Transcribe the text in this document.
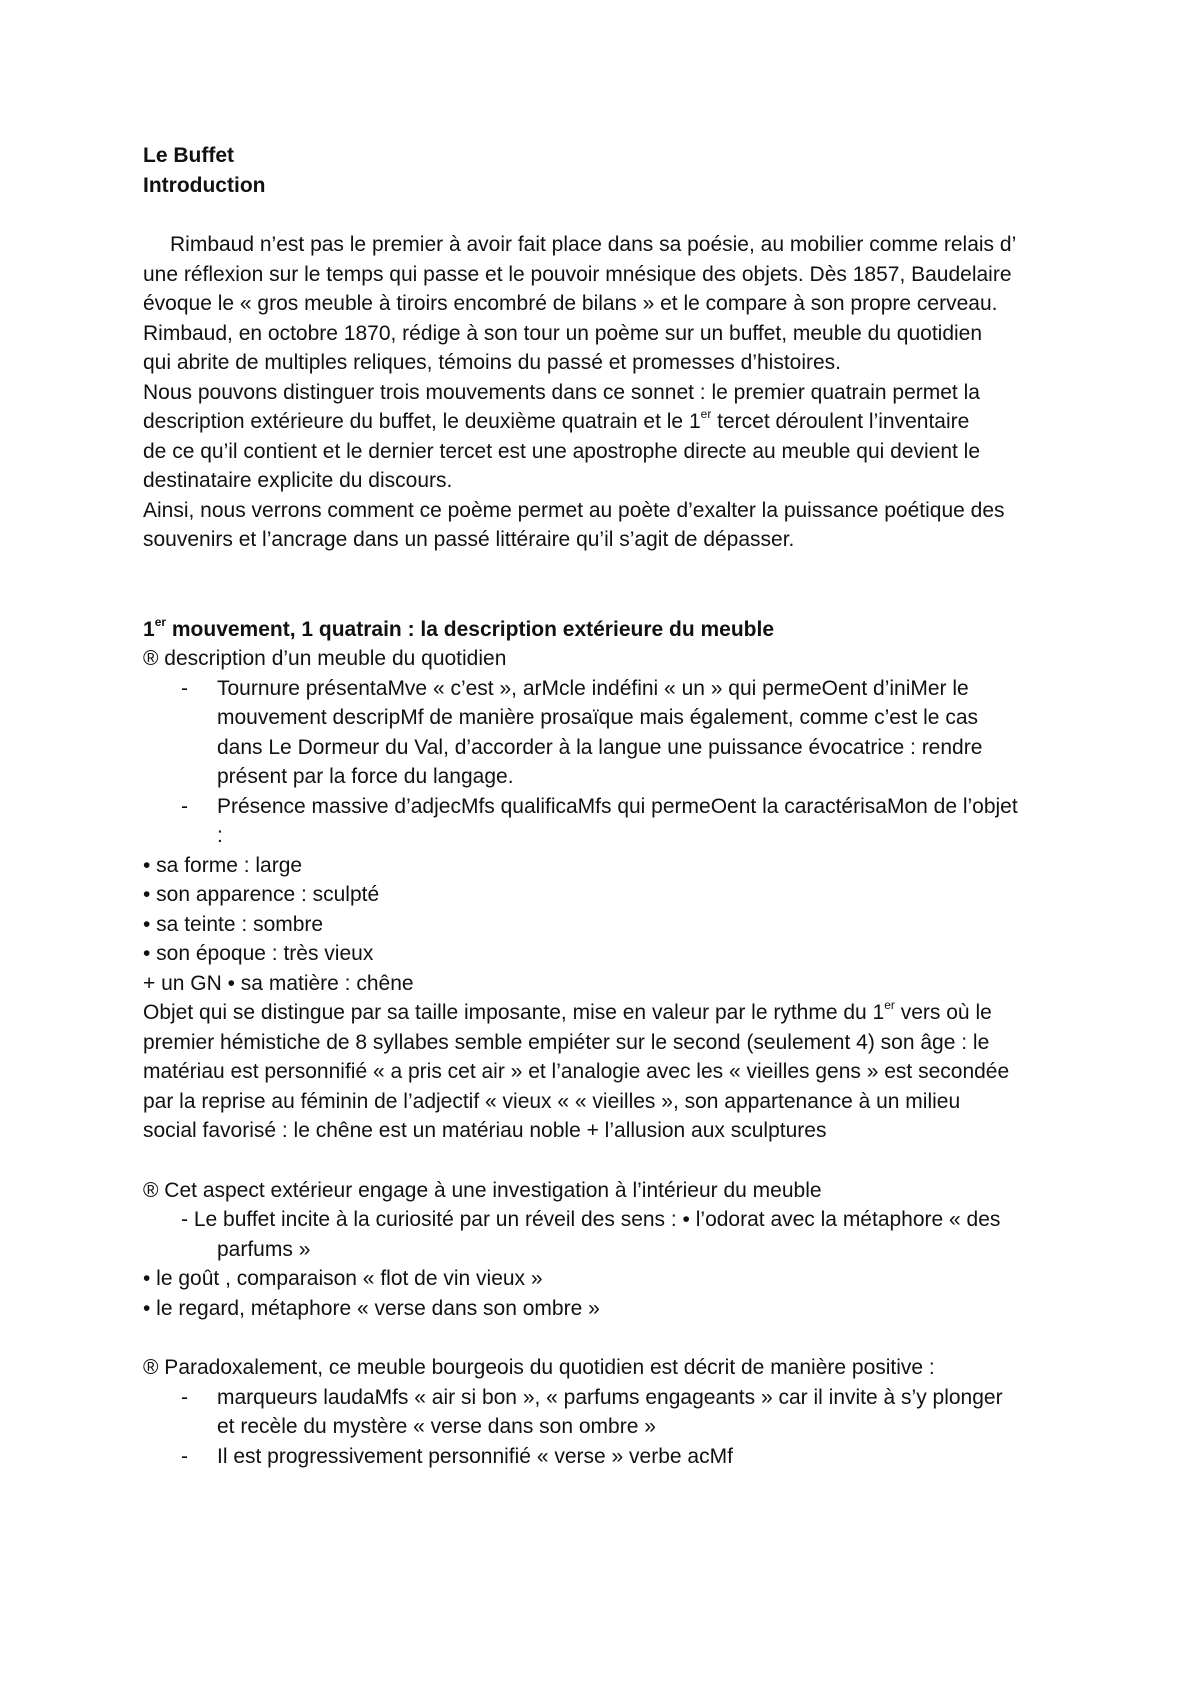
Le Buffet
Introduction
Rimbaud n’est pas le premier à avoir fait place dans sa poésie, au mobilier comme relais d’
une réflexion sur le temps qui passe et le pouvoir mnésique des objets. Dès 1857, Baudelaire
évoque le « gros meuble à tiroirs encombré de bilans » et le compare à son propre cerveau.
Rimbaud, en octobre 1870, rédige à son tour un poème sur un buffet, meuble du quotidien
qui abrite de multiples reliques, témoins du passé et promesses d’histoires.
Nous pouvons distinguer trois mouvements dans ce sonnet : le premier quatrain permet la
description extérieure du buffet, le deuxième quatrain et le 1er tercet déroulent l’inventaire
de ce qu’il contient et le dernier tercet est une apostrophe directe au meuble qui devient le
destinataire explicite du discours.
Ainsi, nous verrons comment ce poème permet au poète d’exalter la puissance poétique des
souvenirs et l’ancrage dans un passé littéraire qu’il s’agit de dépasser.
1er mouvement, 1 quatrain : la description extérieure du meuble
® description d’un meuble du quotidien
- Tournure présentaMve « c’est », arMcle indéfini « un » qui permeOent d’iniMer le
mouvement descripMf de manière prosaïque mais également, comme c’est le cas
dans Le Dormeur du Val, d’accorder à la langue une puissance évocatrice : rendre
présent par la force du langage.
- Présence massive d’adjecMfs qualificaMfs qui permeOent la caractérisaMon de l’objet
:
• sa forme : large
• son apparence : sculpté
• sa teinte : sombre
• son époque : très vieux
+ un GN • sa matière : chêne
Objet qui se distingue par sa taille imposante, mise en valeur par le rythme du 1er vers où le
premier hémistiche de 8 syllabes semble empiéter sur le second (seulement 4) son âge : le
matériau est personnifié « a pris cet air » et l’analogie avec les « vieilles gens » est secondée
par la reprise au féminin de l’adjectif « vieux « « vieilles », son appartenance à un milieu
social favorisé : le chêne est un matériau noble + l’allusion aux sculptures
® Cet aspect extérieur engage à une investigation à l’intérieur du meuble
- Le buffet incite à la curiosité par un réveil des sens : • l’odorat avec la métaphore « des
parfums »
• le goût , comparaison « flot de vin vieux »
• le regard, métaphore « verse dans son ombre »
® Paradoxalement, ce meuble bourgeois du quotidien est décrit de manière positive :
- marqueurs laudaMfs « air si bon », « parfums engageants » car il invite à s’y plonger
et recèle du mystère « verse dans son ombre »
- Il est progressivement personnifié « verse » verbe acMf
